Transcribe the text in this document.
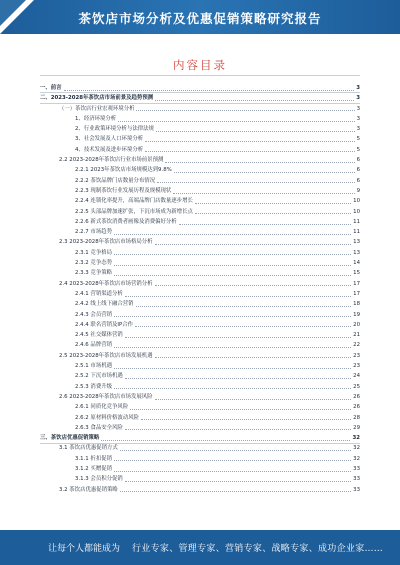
茶饮店市场分析及优惠促销策略研究报告
内容目录
一、前言	3
二、2023-2028年茶饮店市场前景及趋势预测	3
（一）茶饮店行业宏观环境分析	3
1、经济环境分析	3
2、行业政策环境分析与法律法规	3
3、社会发展及人口环境分析	5
4、技术发展及进步环境分析	5
2.2 2023-2028年茶饮店行业市场前景预测	6
2.2.1 2023年茶饮店市场规模达到9.8%	6
2.2.2 茶饮品牌门店数量分布情况	6
2.2.3 现制茶饮行业发展历程及规模现状	9
2.2.4 连锁化率提升，高端品牌门店数量逐步增长	10
2.2.5 头部品牌加速扩张，下沉市场成为新增长点	10
2.2.6 新式茶饮消费者画像及消费偏好分析	11
2.2.7 市场趋势	11
2.3 2023-2028年茶饮店市场格局分析	13
2.3.1 竞争格局	13
2.3.2 竞争态势	14
2.3.3 竞争策略	15
2.4 2023-2028年茶饮店市场营销分析	17
2.4.1 营销渠道分析	17
2.4.2 线上线下融合营销	18
2.4.3 会员营销	19
2.4.4 联名营销及IP合作	20
2.4.5 社交媒体营销	21
2.4.6 品牌营销	22
2.5 2023-2028年茶饮店市场发展机遇	23
2.5.1 市场机遇	23
2.5.2 下沉市场机遇	24
2.5.3 消费升级	25
2.6 2023-2028年茶饮店市场发展风险	26
2.6.1 同质化竞争风险	26
2.6.2 原材料价格波动风险	28
2.6.3 食品安全风险	29
三、茶饮店优惠促销策略	32
3.1 茶饮店优惠促销方式	32
3.1.1 折扣促销	32
3.1.2 买赠促销	33
3.1.3 会员积分促销	33
3.2 茶饮店优惠促销策略	33
让每个人都能成为 行业专家、管理专家、营销专家、战略专家、成功企业家……
